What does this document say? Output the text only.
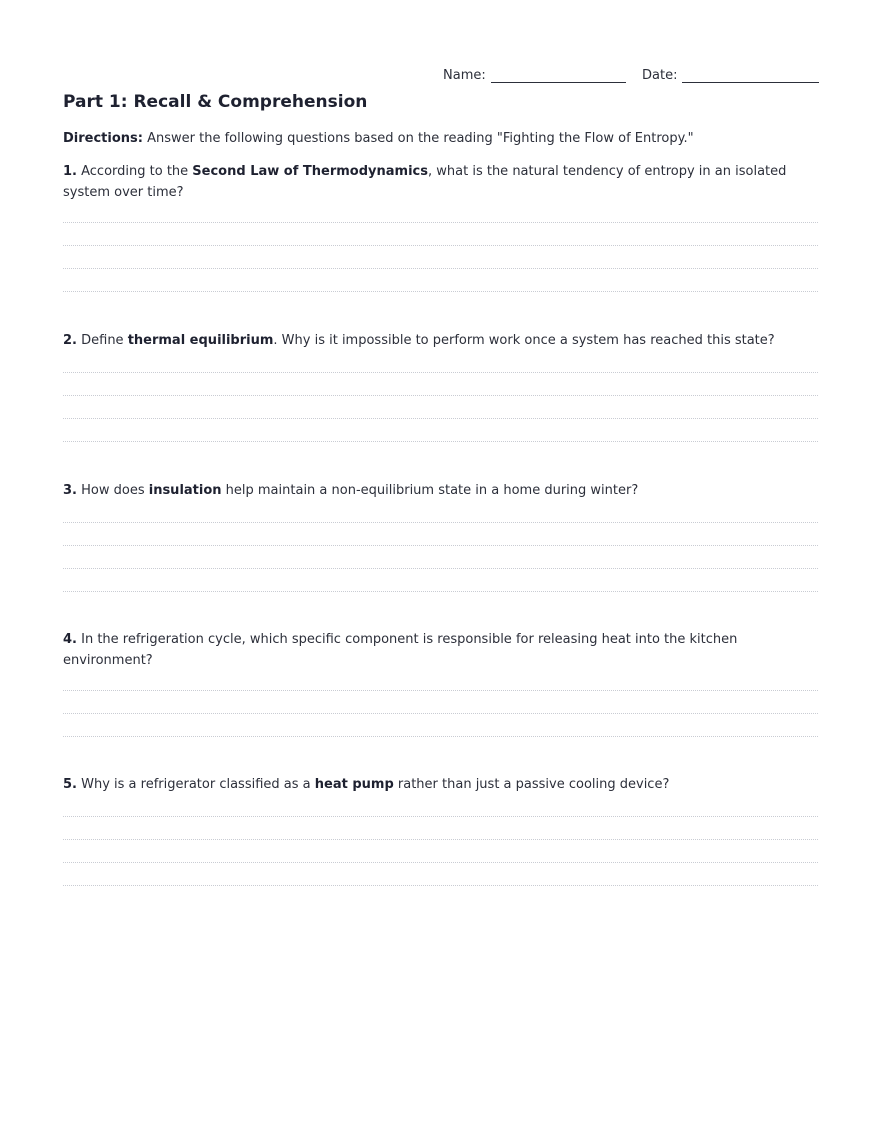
Name:	Date:
Part 1: Recall & Comprehension

Directions: Answer the following questions based on the reading "Fighting the Flow of Entropy."

1. According to the Second Law of Thermodynamics, what is the natural tendency of entropy in an isolated system over time?

2. Define thermal equilibrium. Why is it impossible to perform work once a system has reached this state?

3. How does insulation help maintain a non-equilibrium state in a home during winter?

4. In the refrigeration cycle, which specific component is responsible for releasing heat into the kitchen environment?

5. Why is a refrigerator classified as a heat pump rather than just a passive cooling device?
